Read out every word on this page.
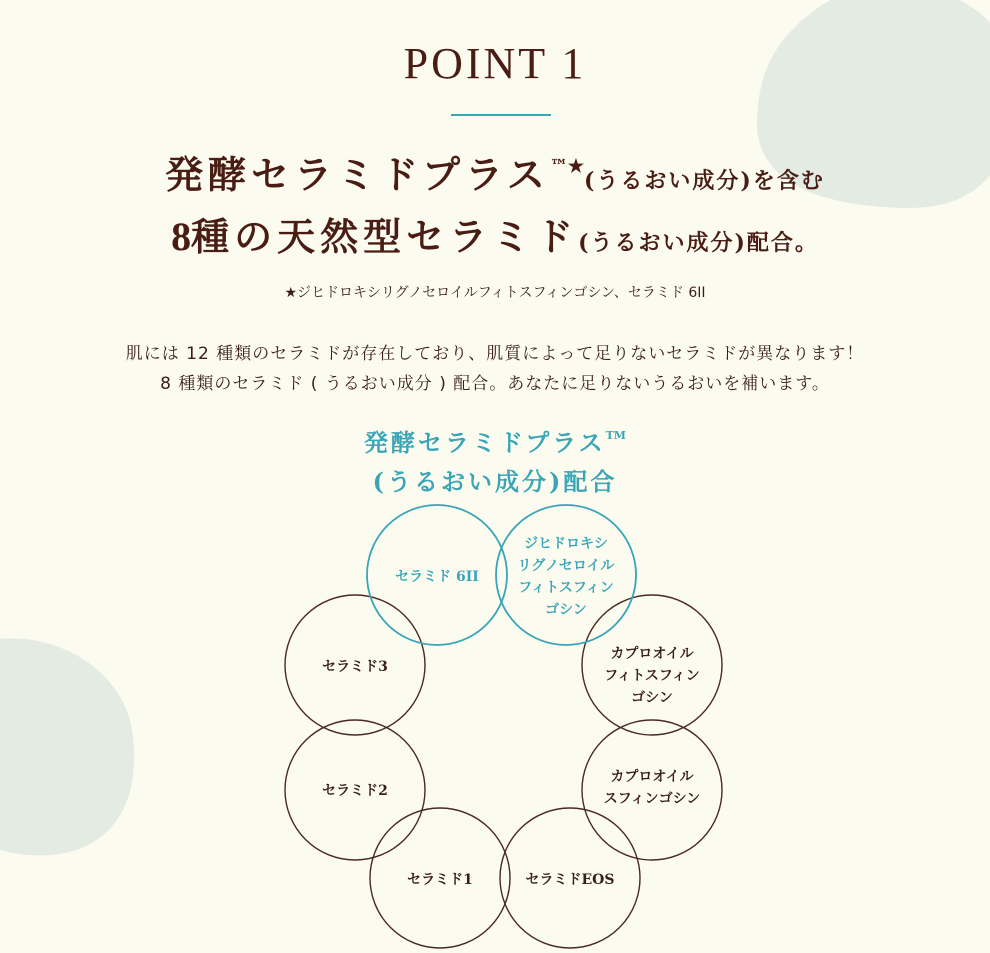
POINT 1
発酵セラミドプラス™★(うるおい成分)を含む
8種の天然型セラミド(うるおい成分)配合。
★ジヒドロキシリグノセロイルフィトスフィンゴシン、セラミド 6II
肌には 12 種類のセラミドが存在しており、肌質によって足りないセラミドが異なります！
8 種類のセラミド ( うるおい成分 ) 配合。あなたに足りないうるおいを補います。
発酵セラミドプラス™
(うるおい成分)配合
セラミド 6II
ジヒドロキシ
リグノセロイル
フィトスフィン
ゴシン
カプロオイル
フィトスフィン
ゴシン
カプロオイル
スフィンゴシン
セラミドEOS
セラミド1
セラミド2
セラミド3
